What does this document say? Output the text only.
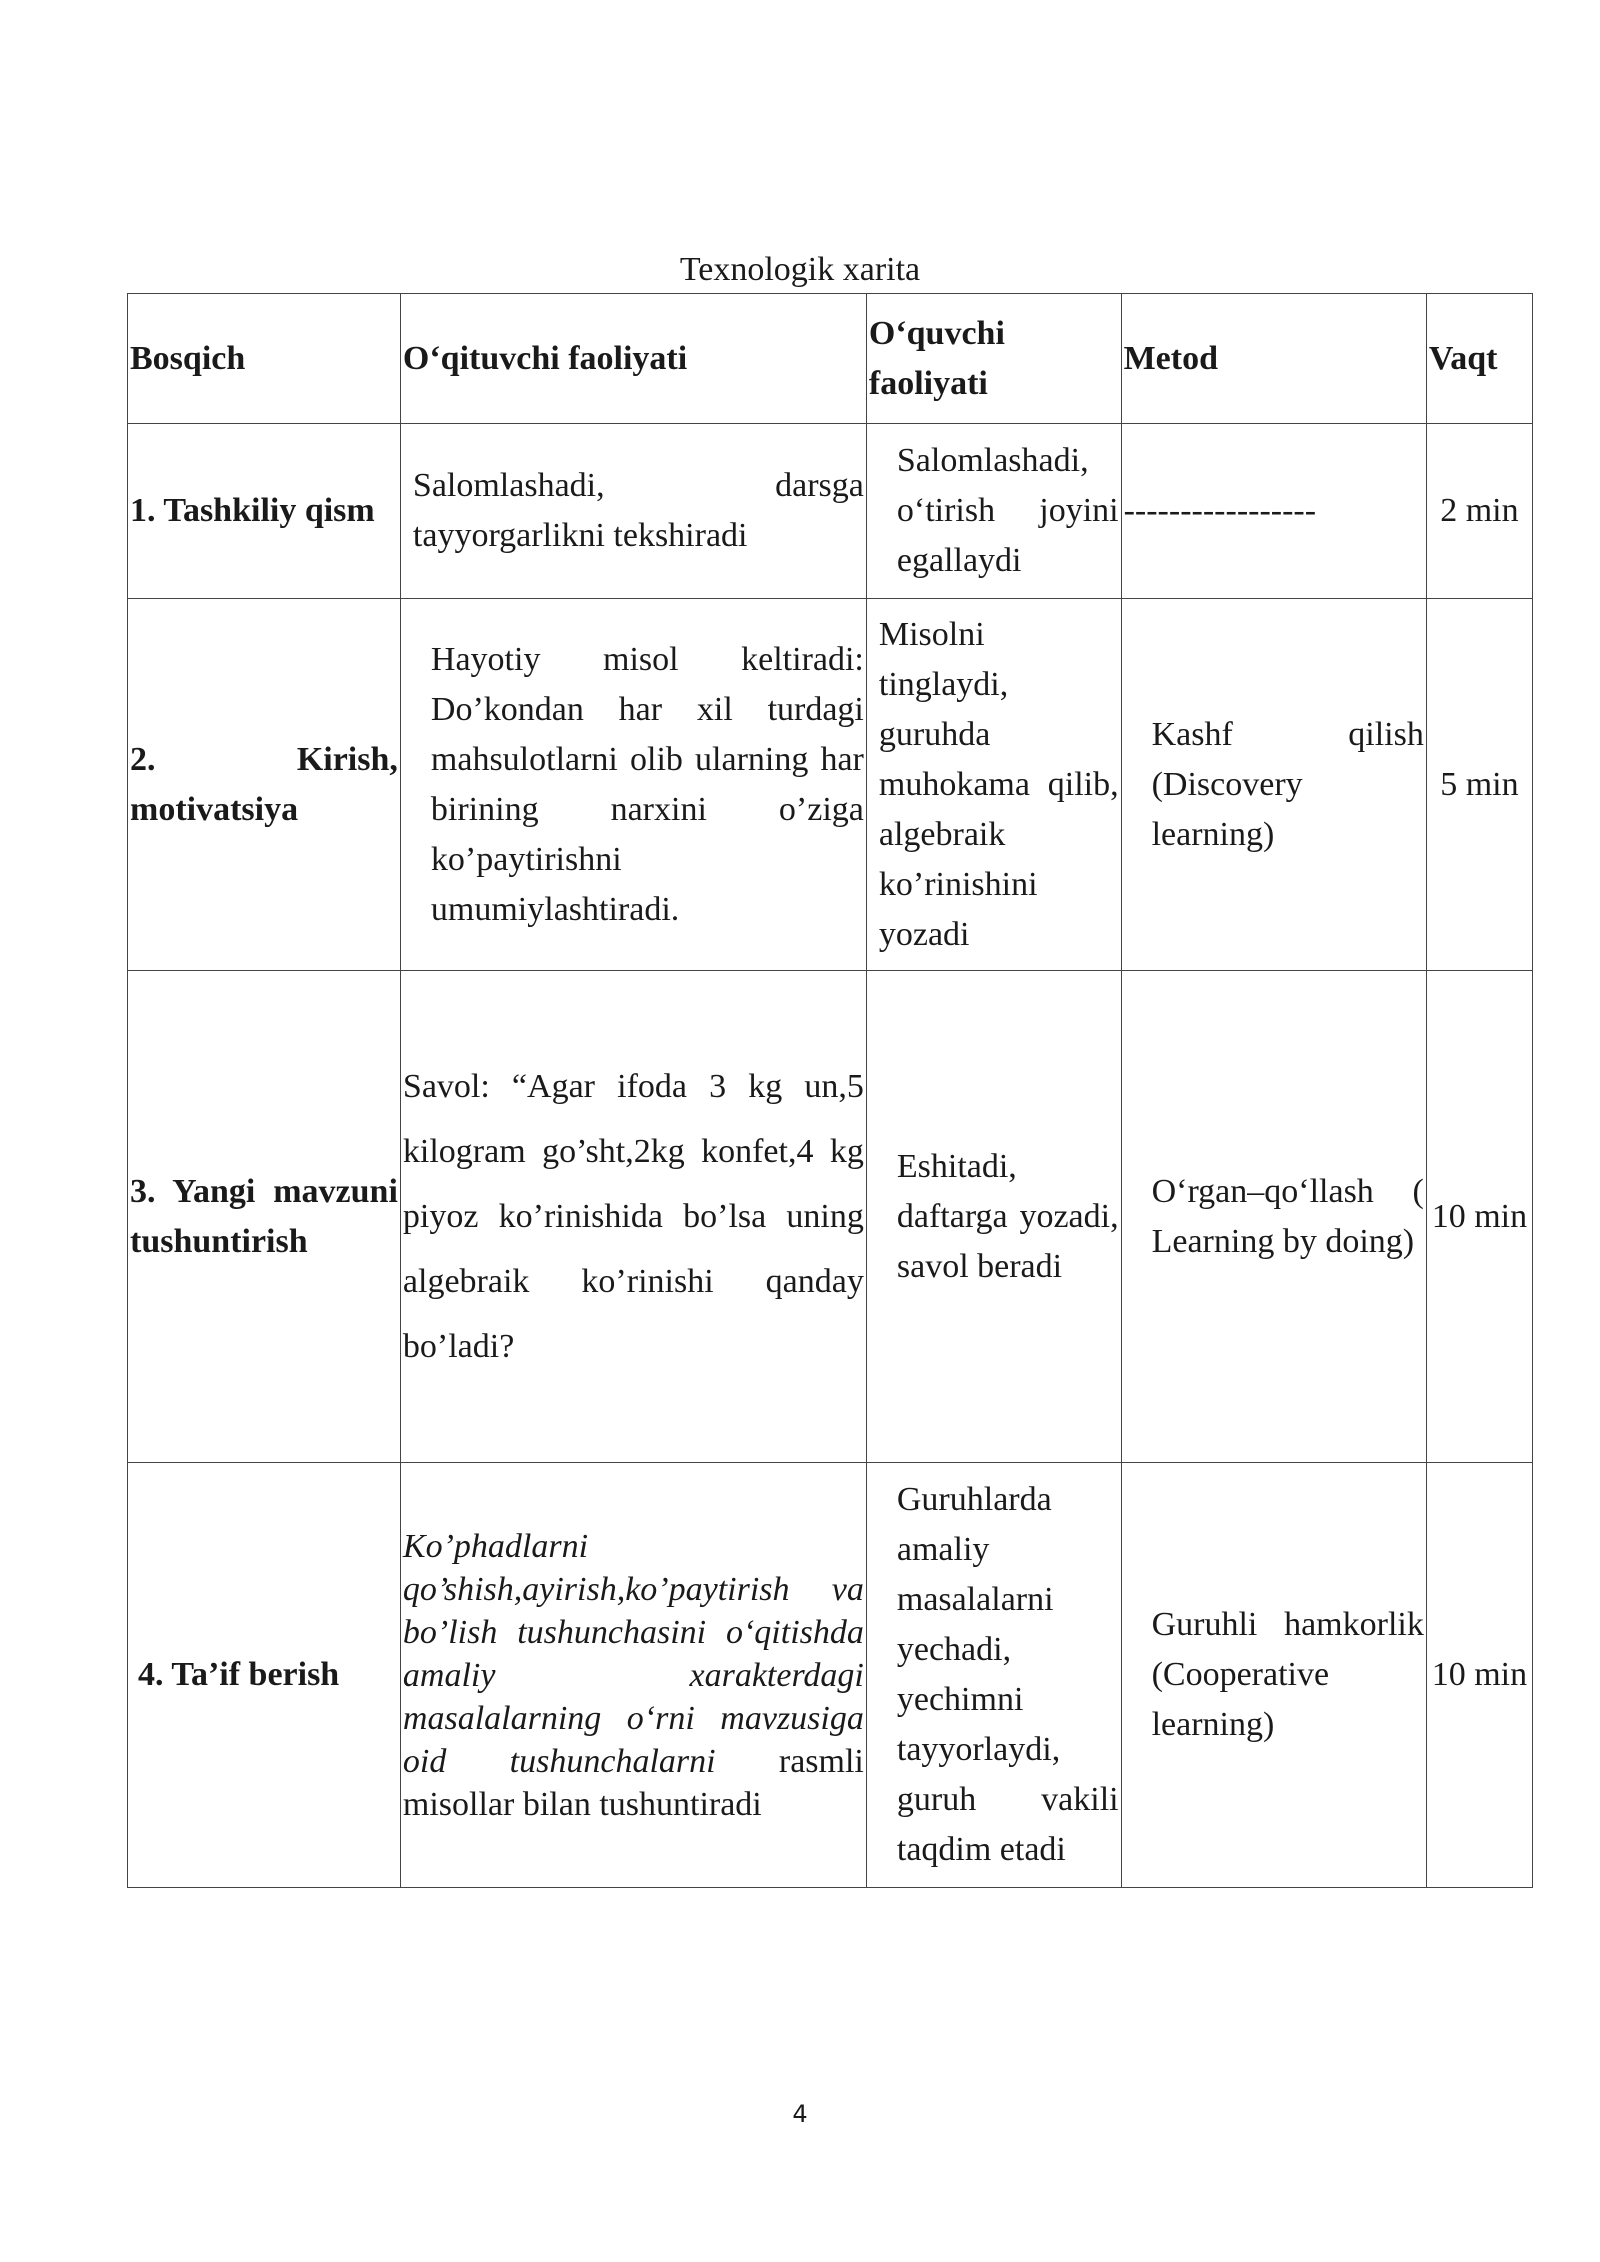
Texnologik xarita
Bosqich	O‘qituvchi faoliyati	O‘quvchi faoliyati	Metod	Vaqt
1. Tashkiliy qism	Salomlashadi, darsga tayyorgarlikni tekshiradi	Salomlashadi, o‘tirish joyini egallaydi	-----------------	2 min
2. Kirish, motivatsiya	Hayotiy misol keltiradi: Do’kondan har xil turdagi mahsulotlarni olib ularning har birining narxini o’ziga ko’paytirishni umumiylashtiradi.	Misolni tinglaydi, guruhda muhokama qilib, algebraik ko’rinishini yozadi	Kashf qilish (Discovery learning)	5 min
3. Yangi mavzuni tushuntirish	Savol: “Agar ifoda 3 kg un,5 kilogram go’sht,2kg konfet,4 kg piyoz ko’rinishida bo’lsa uning algebraik ko’rinishi qanday bo’ladi?	Eshitadi, daftarga yozadi, savol beradi	O‘rgan–qo‘llash ( Learning by doing)	10 min
4. Ta’if berish	Ko’phadlarni qo’shish,ayirish,ko’paytirish va bo’lish tushunchasini o‘qitishda amaliy xarakterdagi masalalarning o‘rni mavzusiga oid tushunchalarni rasmli misollar bilan tushuntiradi	Guruhlarda amaliy masalalarni yechadi, yechimni tayyorlaydi, guruh vakili taqdim etadi	Guruhli hamkorlik (Cooperative learning)	10 min
4
